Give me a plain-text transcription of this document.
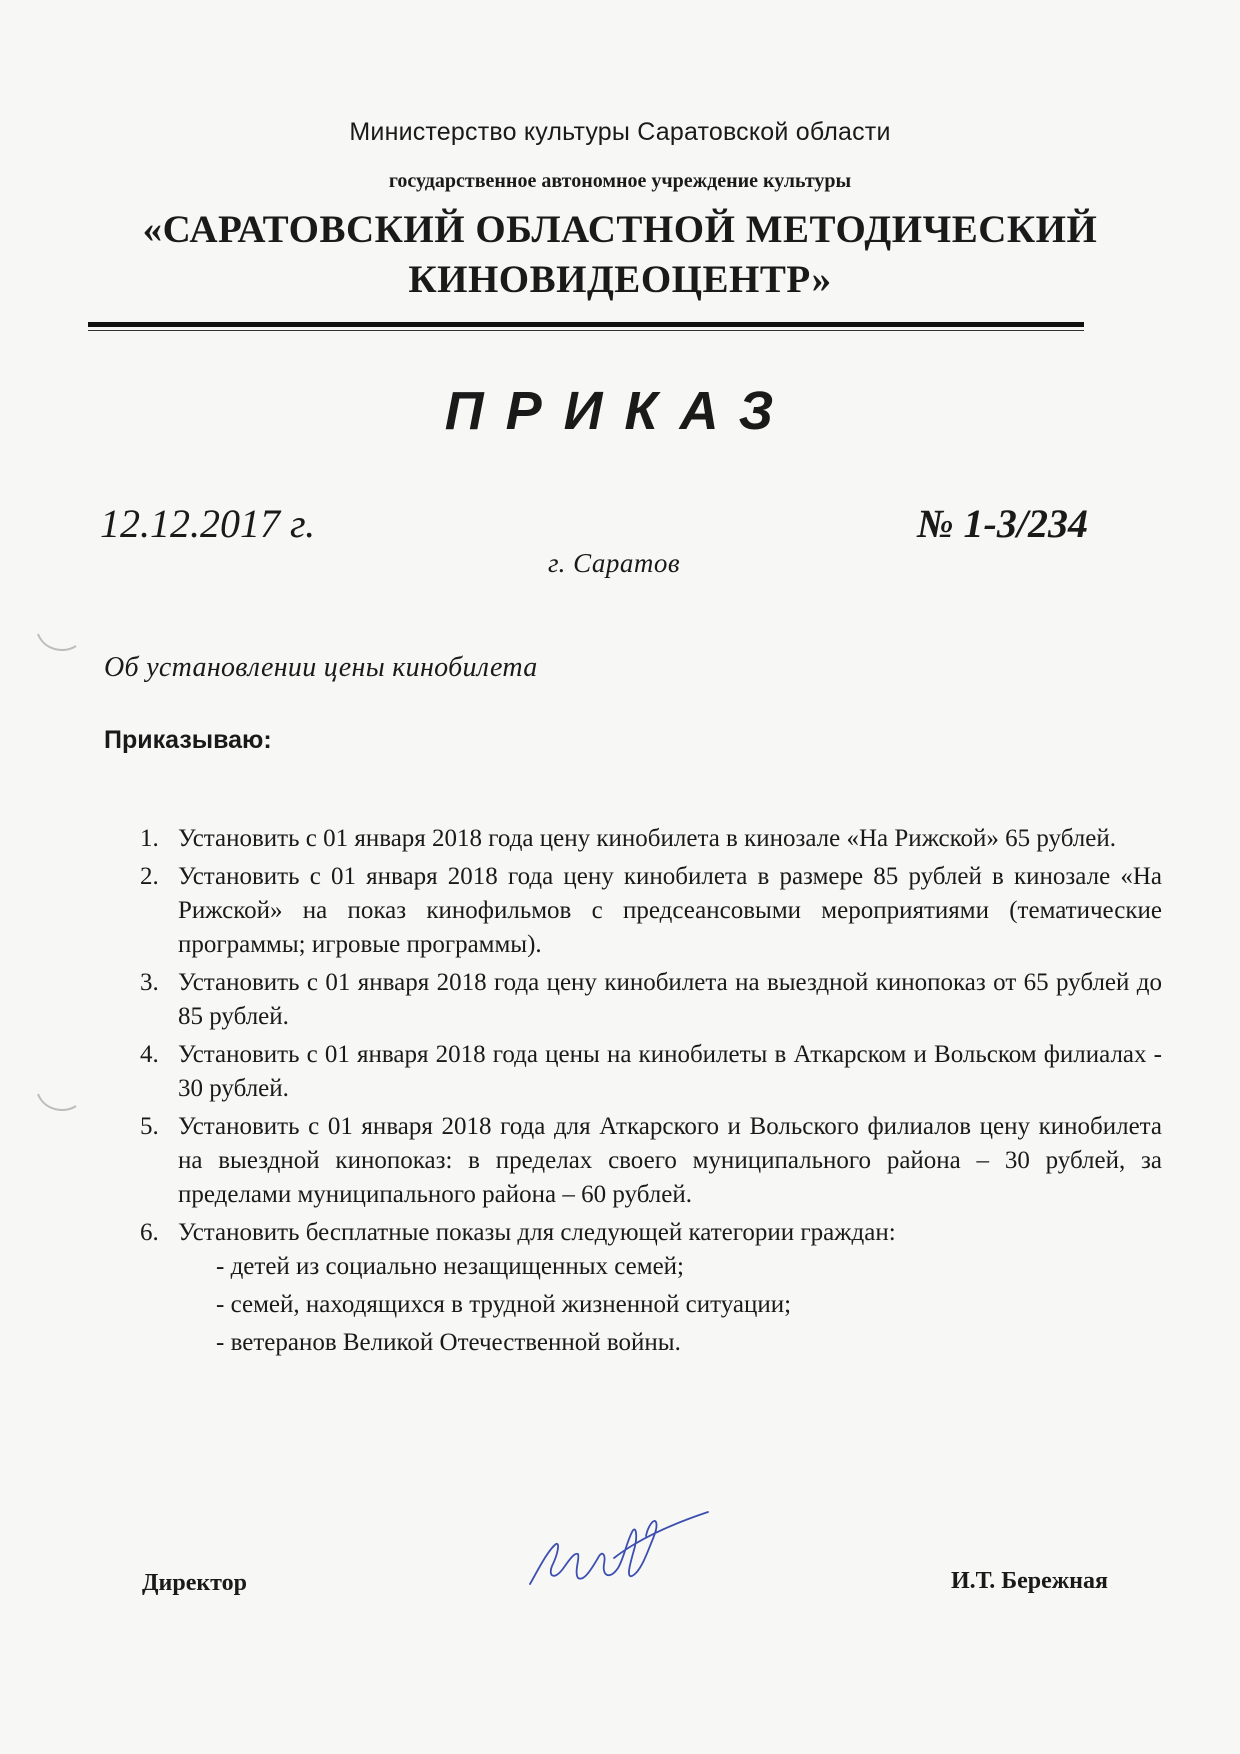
Министерство культуры Саратовской области
государственное автономное учреждение культуры
«САРАТОВСКИЙ ОБЛАСТНОЙ МЕТОДИЧЕСКИЙ
КИНОВИДЕОЦЕНТР»
ПРИКАЗ
12.12.2017 г.	№ 1-3/234
г. Саратов
Об установлении цены кинобилета
Приказываю:
1. Установить с 01 января 2018 года цену кинобилета в кинозале «На Рижской» 65 рублей.
2. Установить с 01 января 2018 года цену кинобилета в размере 85 рублей в кинозале «На Рижской» на показ кинофильмов с предсеансовыми мероприятиями (тематические программы; игровые программы).
3. Установить с 01 января 2018 года цену кинобилета на выездной кинопоказ от 65 рублей до 85 рублей.
4. Установить с 01 января 2018 года цены на кинобилеты в Аткарском и Вольском филиалах - 30 рублей.
5. Установить с 01 января 2018 года для Аткарского и Вольского филиалов цену кинобилета на выездной кинопоказ: в пределах своего муниципального района – 30 рублей, за пределами муниципального района – 60 рублей.
6. Установить бесплатные показы для следующей категории граждан:
- детей из социально незащищенных семей;
- семей, находящихся в трудной жизненной ситуации;
- ветеранов Великой Отечественной войны.
Директор	И.Т. Бережная
